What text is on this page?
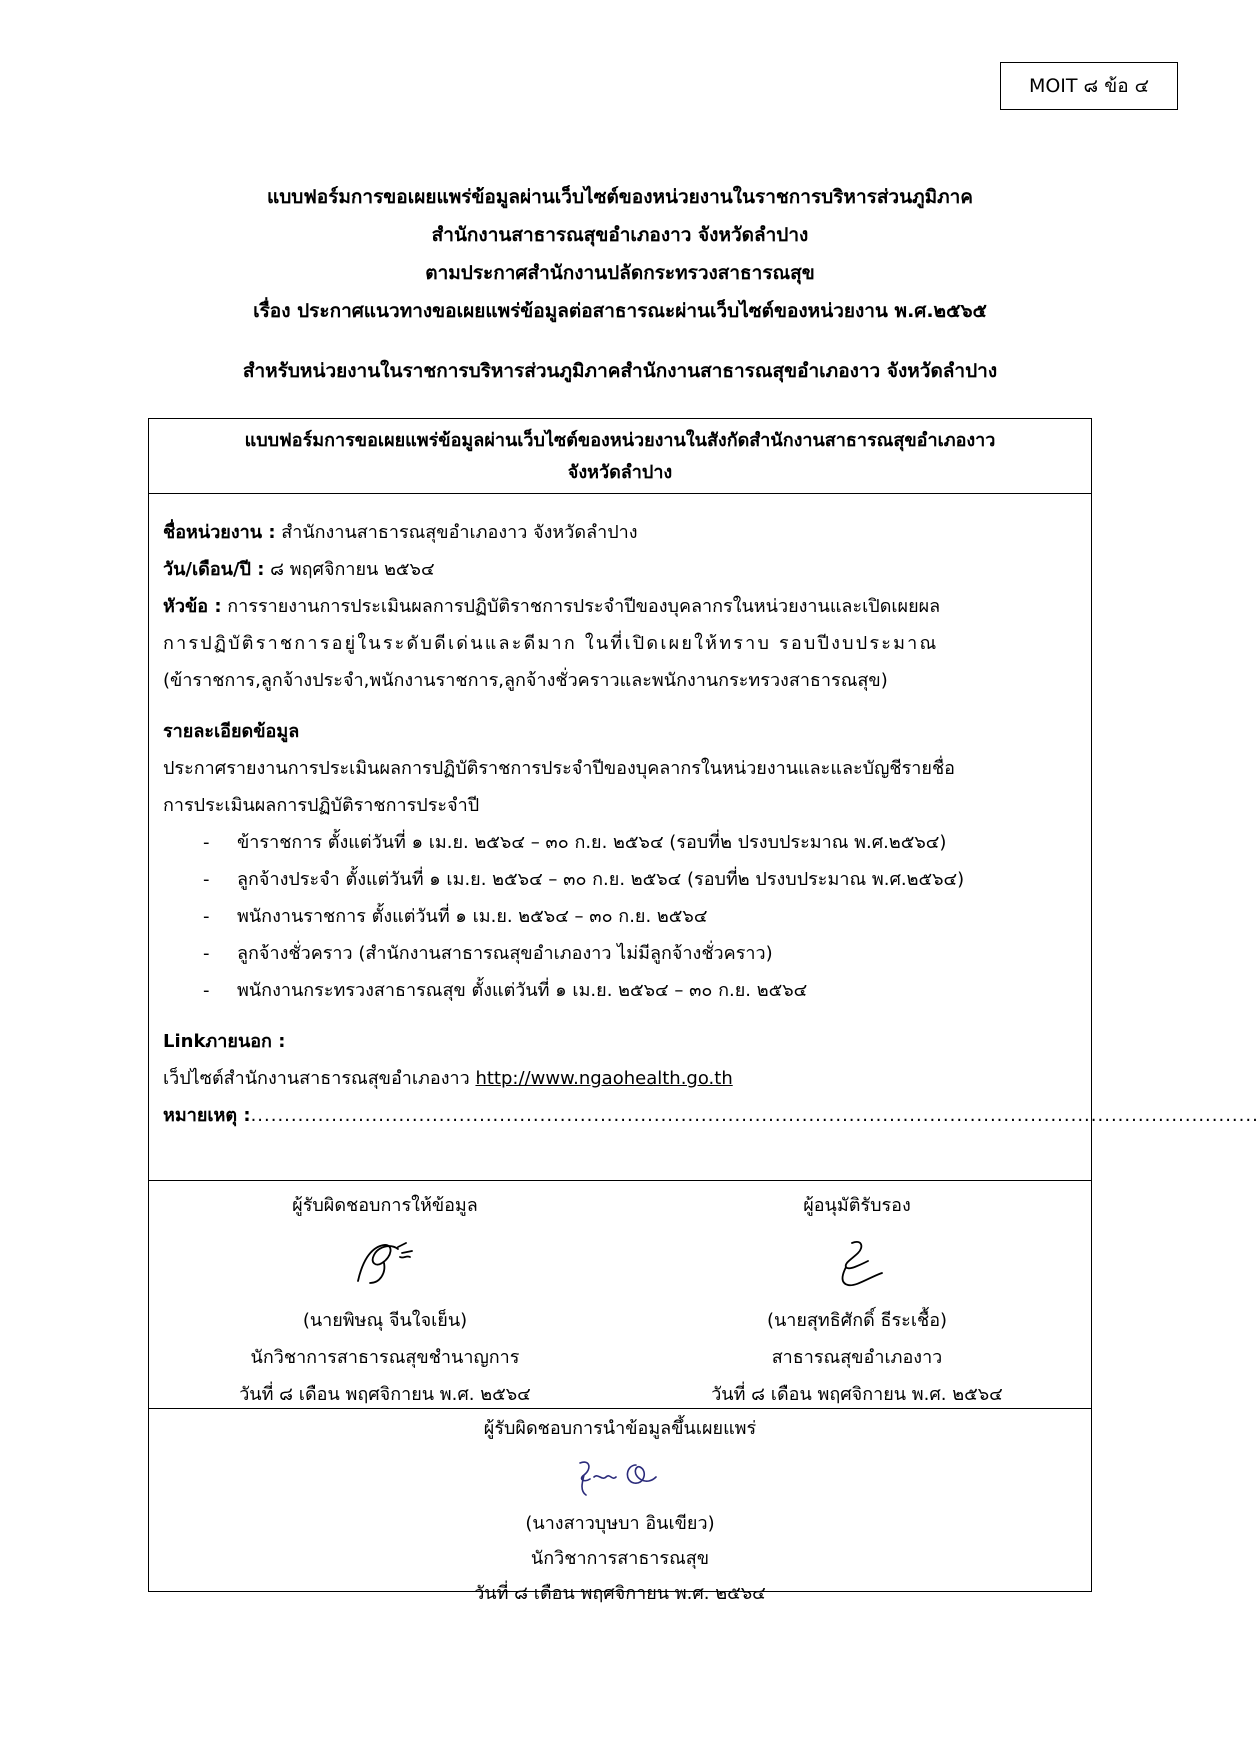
MOIT ๘ ข้อ ๔
แบบฟอร์มการขอเผยแพร่ข้อมูลผ่านเว็บไซต์ของหน่วยงานในราชการบริหารส่วนภูมิภาค
สำนักงานสาธารณสุขอำเภองาว จังหวัดลำปาง
ตามประกาศสำนักงานปลัดกระทรวงสาธารณสุข
เรื่อง ประกาศแนวทางขอเผยแพร่ข้อมูลต่อสาธารณะผ่านเว็บไซต์ของหน่วยงาน พ.ศ.๒๕๖๕
สำหรับหน่วยงานในราชการบริหารส่วนภูมิภาคสำนักงานสาธารณสุขอำเภองาว จังหวัดลำปาง
แบบฟอร์มการขอเผยแพร่ข้อมูลผ่านเว็บไซต์ของหน่วยงานในสังกัดสำนักงานสาธารณสุขอำเภองาว
จังหวัดลำปาง
ชื่อหน่วยงาน : สำนักงานสาธารณสุขอำเภองาว จังหวัดลำปาง
วัน/เดือน/ปี : ๘ พฤศจิกายน ๒๕๖๔
หัวข้อ : การรายงานการประเมินผลการปฏิบัติราชการประจำปีของบุคลากรในหน่วยงานและเปิดเผยผล
การปฏิบัติราชการอยู่ในระดับดีเด่นและดีมาก ในที่เปิดเผยให้ทราบ รอบปีงบประมาณ
(ข้าราชการ,ลูกจ้างประจำ,พนักงานราชการ,ลูกจ้างชั่วคราวและพนักงานกระทรวงสาธารณสุข)
รายละเอียดข้อมูล
ประกาศรายงานการประเมินผลการปฏิบัติราชการประจำปีของบุคลากรในหน่วยงานและและบัญชีรายชื่อ
การประเมินผลการปฏิบัติราชการประจำปี
- ข้าราชการ ตั้งแต่วันที่ ๑ เม.ย. ๒๕๖๔ – ๓๐ ก.ย. ๒๕๖๔ (รอบที่๒ ปรงบประมาณ พ.ศ.๒๕๖๔)
- ลูกจ้างประจำ ตั้งแต่วันที่ ๑ เม.ย. ๒๕๖๔ – ๓๐ ก.ย. ๒๕๖๔ (รอบที่๒ ปรงบประมาณ พ.ศ.๒๕๖๔)
- พนักงานราชการ ตั้งแต่วันที่ ๑ เม.ย. ๒๕๖๔ – ๓๐ ก.ย. ๒๕๖๔
- ลูกจ้างชั่วคราว (สำนักงานสาธารณสุขอำเภองาว ไม่มีลูกจ้างชั่วคราว)
- พนักงานกระทรวงสาธารณสุข ตั้งแต่วันที่ ๑ เม.ย. ๒๕๖๔ – ๓๐ ก.ย. ๒๕๖๔
Linkภายนอก :
เว็ปไซต์สำนักงานสาธารณสุขอำเภองาว http://www.ngaohealth.go.th
หมายเหตุ :......................................................................................................................................................
ผู้รับผิดชอบการให้ข้อมูล
(นายพิษณุ จีนใจเย็น)
นักวิชาการสาธารณสุขชำนาญการ
วันที่ ๘ เดือน พฤศจิกายน พ.ศ. ๒๕๖๔
ผู้อนุมัติรับรอง
(นายสุทธิศักดิ์ ธีระเชื้อ)
สาธารณสุขอำเภองาว
วันที่ ๘ เดือน พฤศจิกายน พ.ศ. ๒๕๖๔
ผู้รับผิดชอบการนำข้อมูลขึ้นเผยแพร่
(นางสาวบุษบา อินเขียว)
นักวิชาการสาธารณสุข
วันที่ ๘ เดือน พฤศจิกายน พ.ศ. ๒๕๖๔
